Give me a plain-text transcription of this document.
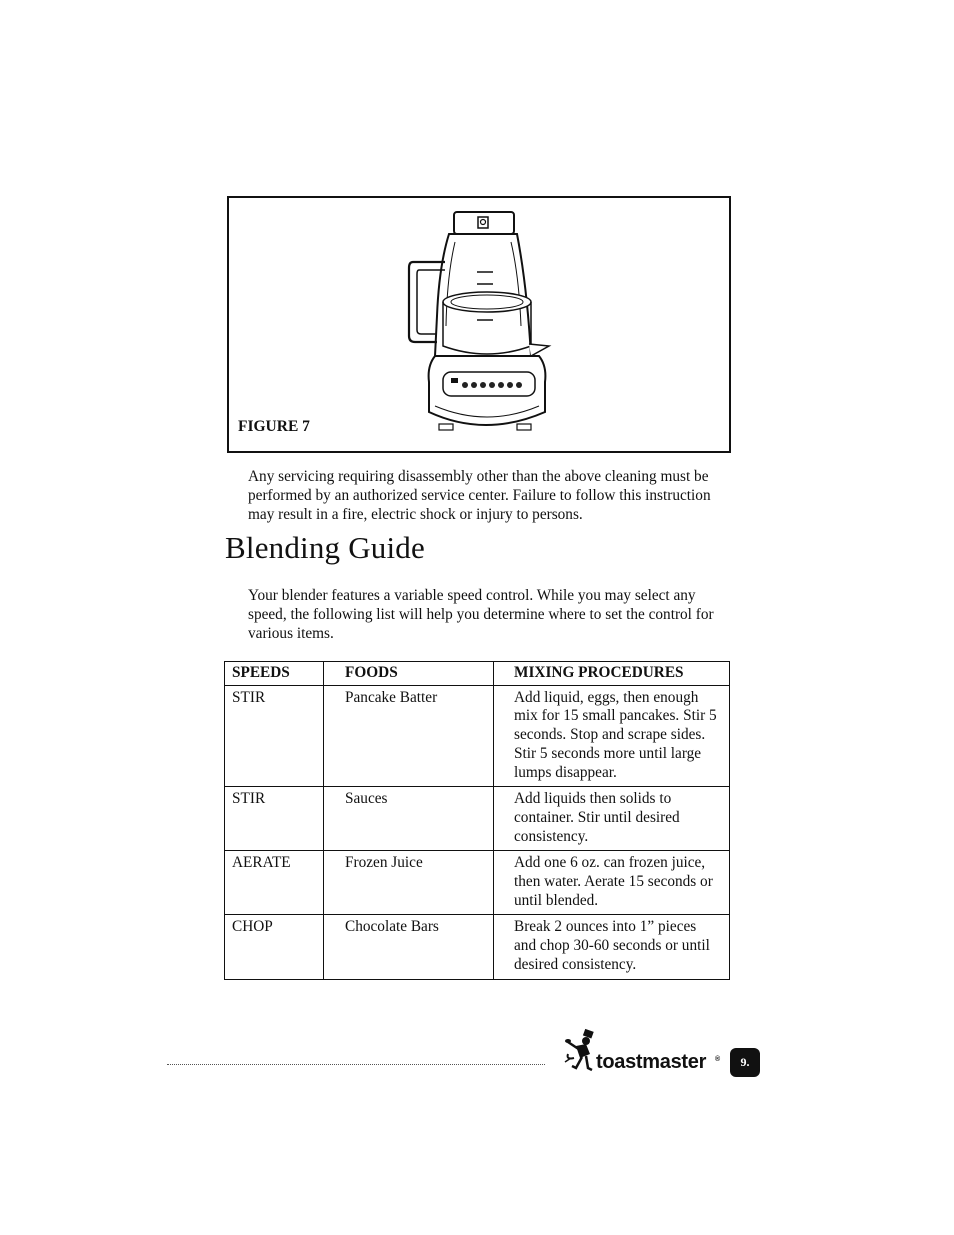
FIGURE 7

Any servicing requiring disassembly other than the above cleaning must be performed by an authorized service center. Failure to follow this instruction may result in a fire, electric shock or injury to persons.

Blending Guide

Your blender features a variable speed control. While you may select any speed, the following list will help you determine where to set the control for various items.

SPEEDS	FOODS	MIXING PROCEDURES
STIR	Pancake Batter	Add liquid, eggs, then enough mix for 15 small pancakes. Stir 5 seconds. Stop and scrape sides. Stir 5 seconds more until large lumps disappear.
STIR	Sauces	Add liquids then solids to container. Stir until desired consistency.
AERATE	Frozen Juice	Add one 6 oz. can frozen juice, then water. Aerate 15 seconds or until blended.
CHOP	Chocolate Bars	Break 2 ounces into 1” pieces and chop 30-60 seconds or until desired consistency.
toastmaster ®	9.
